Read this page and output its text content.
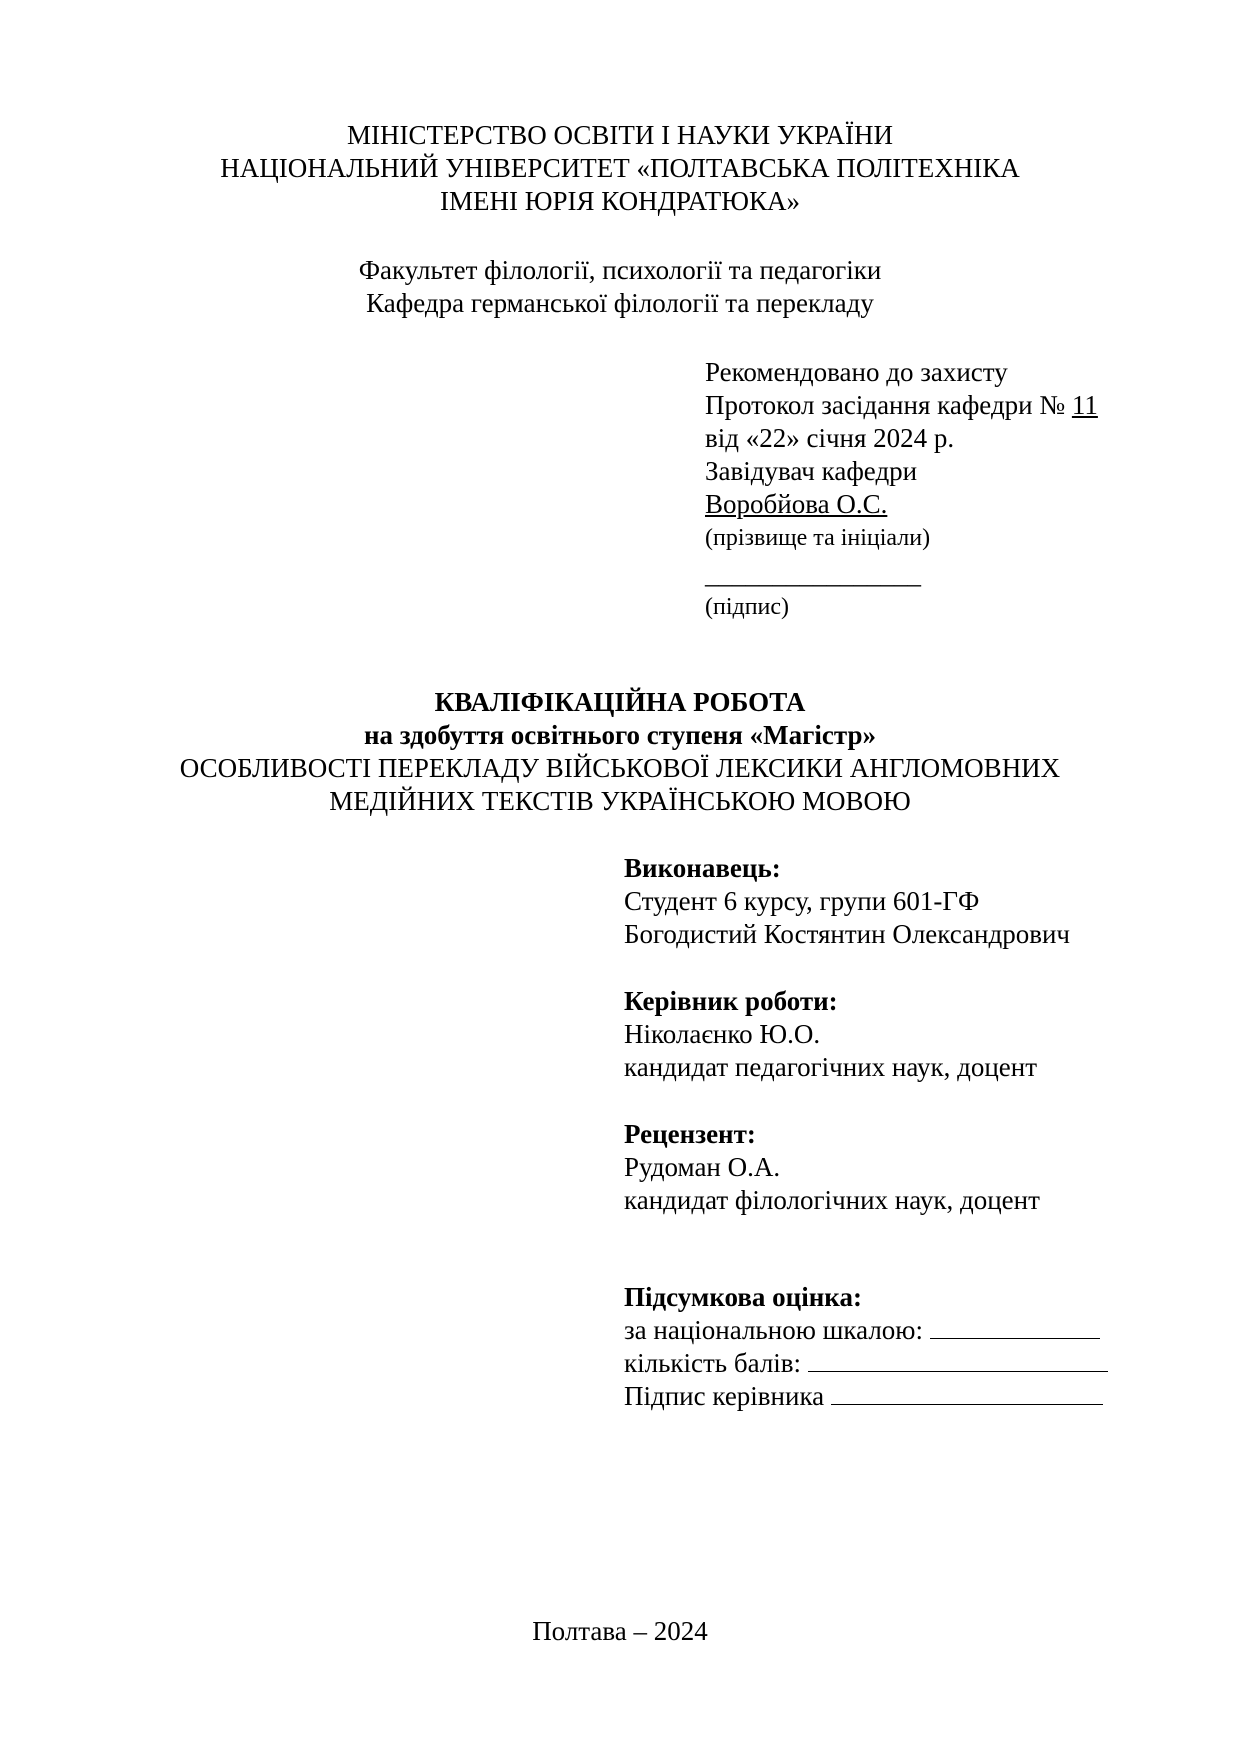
МІНІСТЕРСТВО ОСВІТИ І НАУКИ УКРАЇНИ
НАЦІОНАЛЬНИЙ УНІВЕРСИТЕТ «ПОЛТАВСЬКА ПОЛІТЕХНІКА
ІМЕНІ ЮРІЯ КОНДРАТЮКА»
Факультет філології, психології та педагогіки
Кафедра германської філології та перекладу
Рекомендовано до захисту
Протокол засідання кафедри № 11
від «22» січня 2024 р.
Завідувач кафедри
Воробйова О.С.
(прізвище та ініціали)
________________
(підпис)
КВАЛІФІКАЦІЙНА РОБОТА
на здобуття освітнього ступеня «Магістр»
ОСОБЛИВОСТІ ПЕРЕКЛАДУ ВІЙСЬКОВОЇ ЛЕКСИКИ АНГЛОМОВНИХ
МЕДІЙНИХ ТЕКСТІВ УКРАЇНСЬКОЮ МОВОЮ
Виконавець:
Студент 6 курсу, групи 601-ГФ
Богодистий Костянтин Олександрович
Керівник роботи:
Ніколаєнко Ю.О.
кандидат педагогічних наук, доцент
Рецензент:
Рудоман О.А.
кандидат філологічних наук, доцент
Підсумкова оцінка:
за національною шкалою:
кількість балів:
Підпис керівника
Полтава – 2024
